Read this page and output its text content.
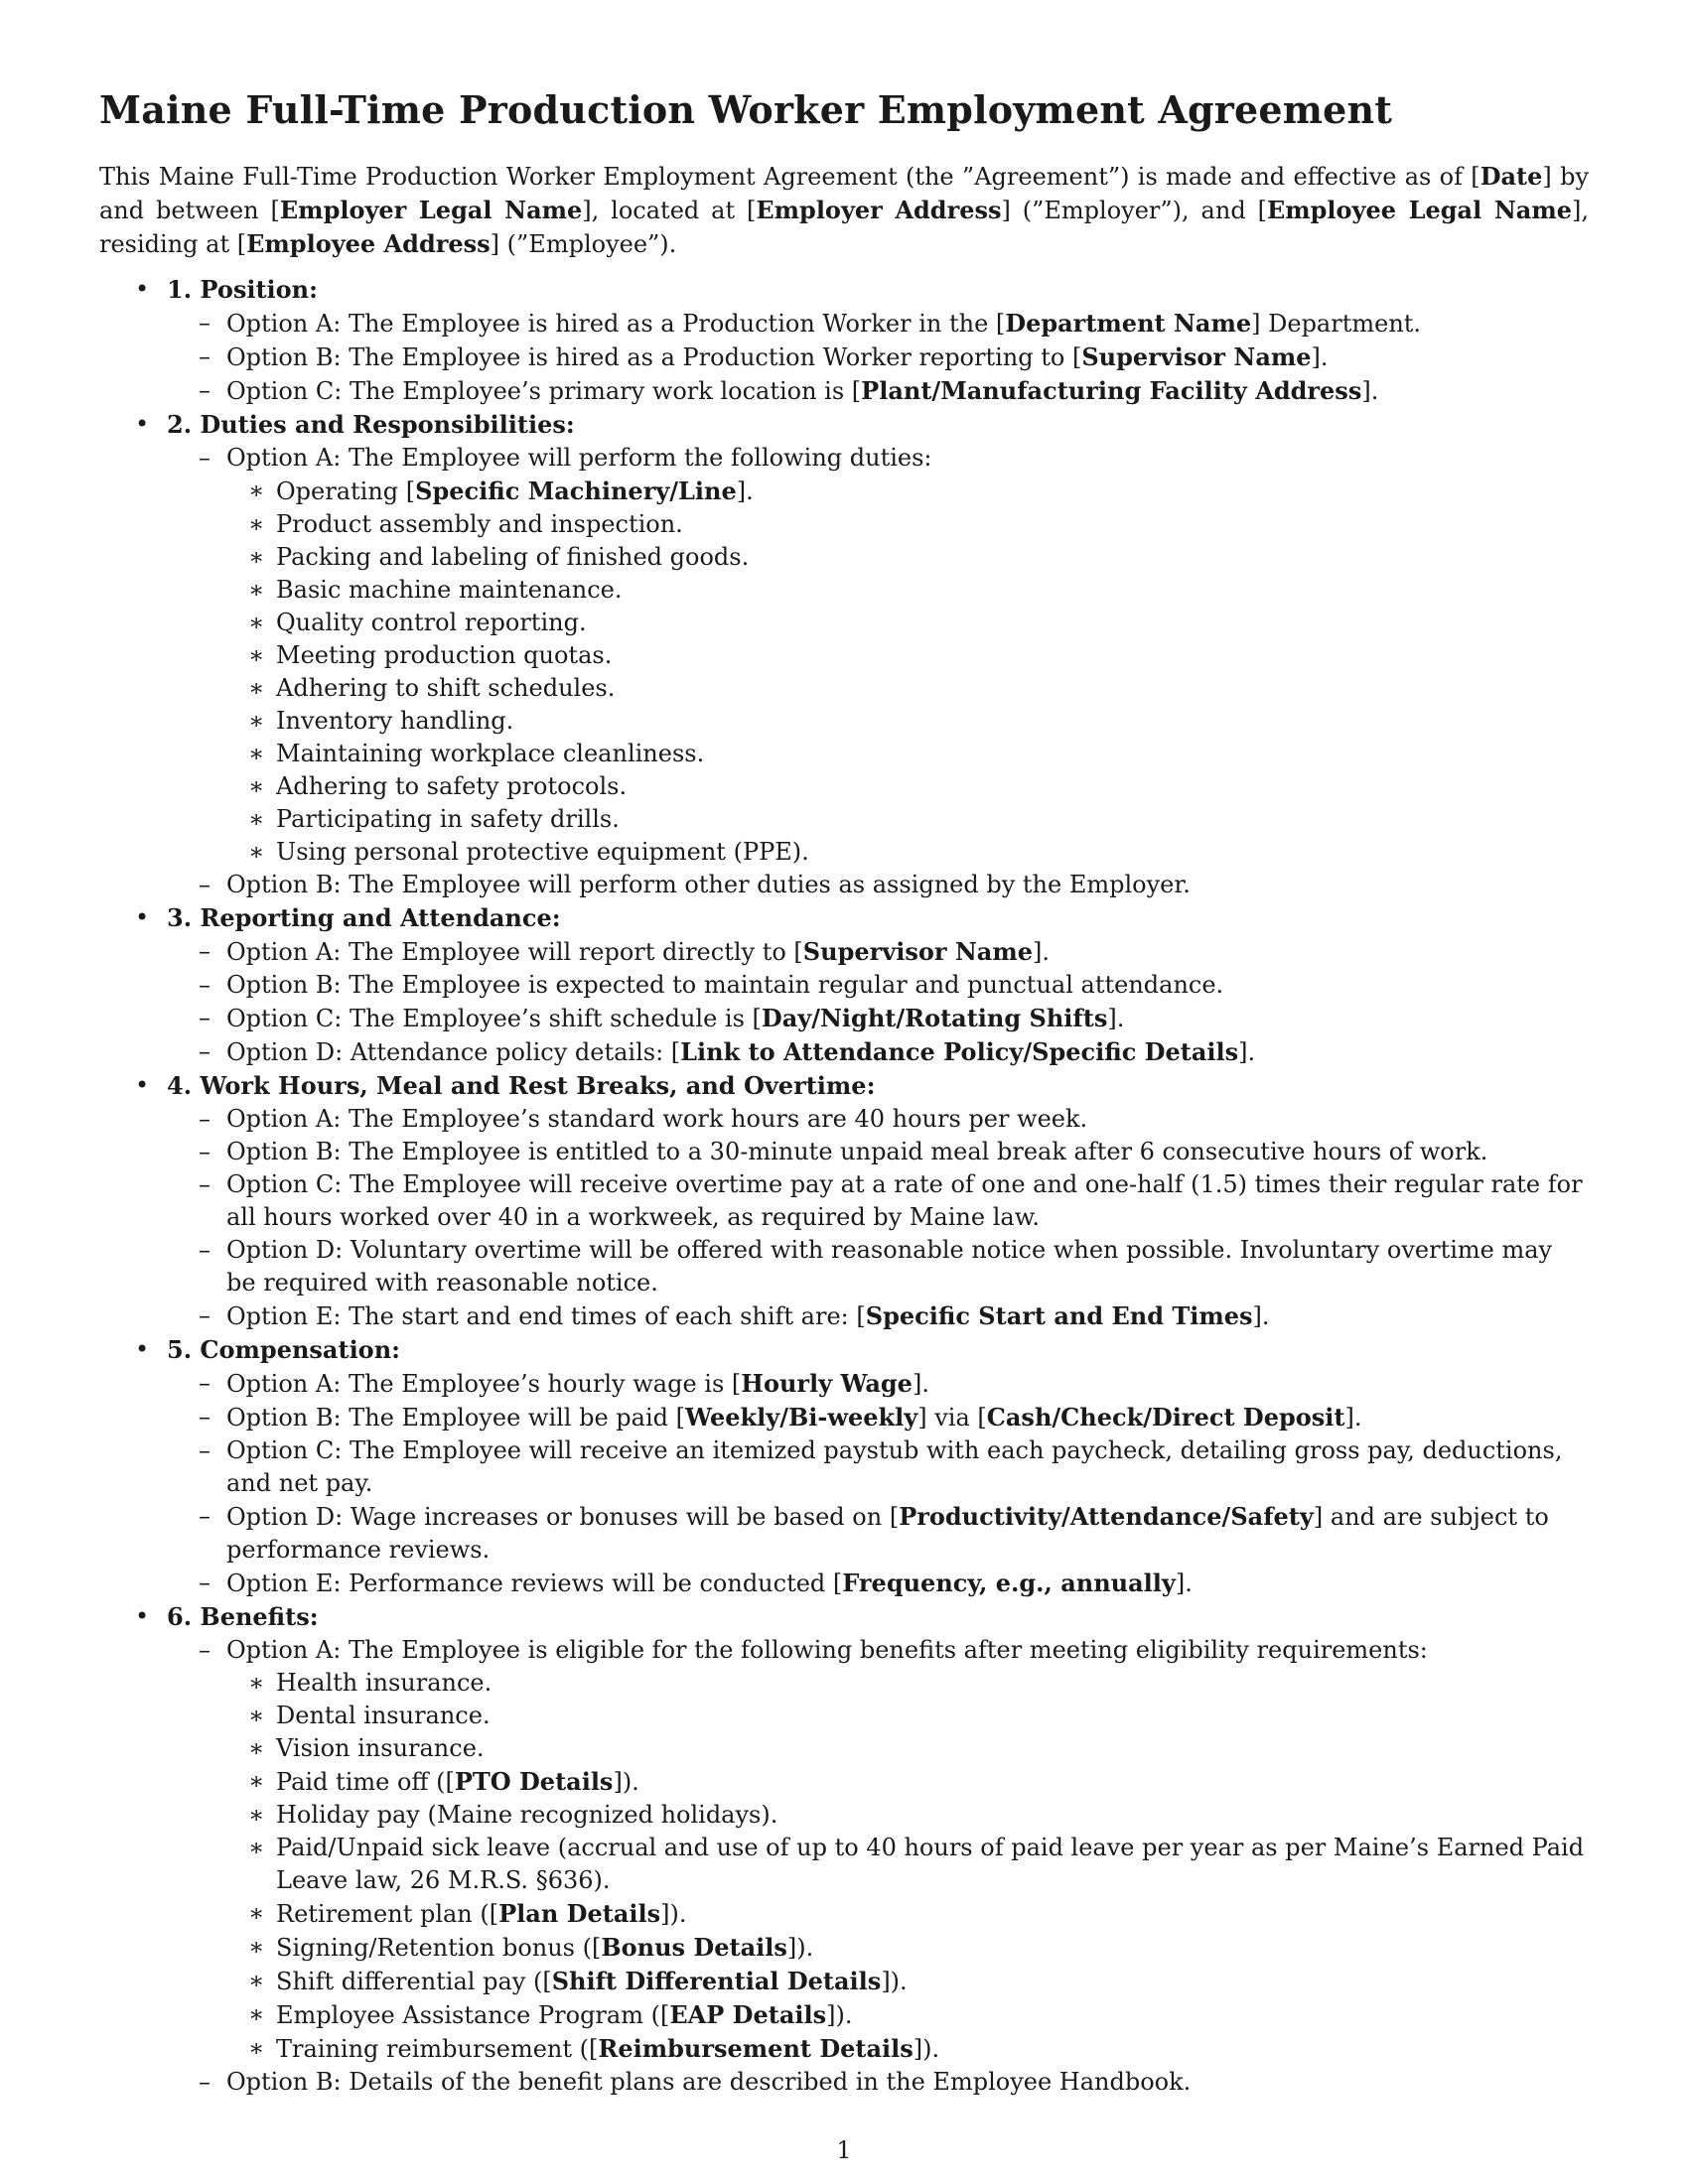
Maine Full-Time Production Worker Employment Agreement

This Maine Full-Time Production Worker Employment Agreement (the ”Agreement”) is made and effective as of [Date] by and between [Employer Legal Name], located at [Employer Address] (”Employer”), and [Employee Legal Name], residing at [Employee Address] (”Employee”).

• 1. Position:
– Option A: The Employee is hired as a Production Worker in the [Department Name] Department.
– Option B: The Employee is hired as a Production Worker reporting to [Supervisor Name].
– Option C: The Employee’s primary work location is [Plant/Manufacturing Facility Address].
• 2. Duties and Responsibilities:
– Option A: The Employee will perform the following duties:
∗ Operating [Specific Machinery/Line].
∗ Product assembly and inspection.
∗ Packing and labeling of finished goods.
∗ Basic machine maintenance.
∗ Quality control reporting.
∗ Meeting production quotas.
∗ Adhering to shift schedules.
∗ Inventory handling.
∗ Maintaining workplace cleanliness.
∗ Adhering to safety protocols.
∗ Participating in safety drills.
∗ Using personal protective equipment (PPE).
– Option B: The Employee will perform other duties as assigned by the Employer.
• 3. Reporting and Attendance:
– Option A: The Employee will report directly to [Supervisor Name].
– Option B: The Employee is expected to maintain regular and punctual attendance.
– Option C: The Employee’s shift schedule is [Day/Night/Rotating Shifts].
– Option D: Attendance policy details: [Link to Attendance Policy/Specific Details].
• 4. Work Hours, Meal and Rest Breaks, and Overtime:
– Option A: The Employee’s standard work hours are 40 hours per week.
– Option B: The Employee is entitled to a 30-minute unpaid meal break after 6 consecutive hours of work.
– Option C: The Employee will receive overtime pay at a rate of one and one-half (1.5) times their regular rate for all hours worked over 40 in a workweek, as required by Maine law.
– Option D: Voluntary overtime will be offered with reasonable notice when possible. Involuntary overtime may be required with reasonable notice.
– Option E: The start and end times of each shift are: [Specific Start and End Times].
• 5. Compensation:
– Option A: The Employee’s hourly wage is [Hourly Wage].
– Option B: The Employee will be paid [Weekly/Bi-weekly] via [Cash/Check/Direct Deposit].
– Option C: The Employee will receive an itemized paystub with each paycheck, detailing gross pay, deductions, and net pay.
– Option D: Wage increases or bonuses will be based on [Productivity/Attendance/Safety] and are subject to performance reviews.
– Option E: Performance reviews will be conducted [Frequency, e.g., annually].
• 6. Benefits:
– Option A: The Employee is eligible for the following benefits after meeting eligibility requirements:
∗ Health insurance.
∗ Dental insurance.
∗ Vision insurance.
∗ Paid time off ([PTO Details]).
∗ Holiday pay (Maine recognized holidays).
∗ Paid/Unpaid sick leave (accrual and use of up to 40 hours of paid leave per year as per Maine’s Earned Paid Leave law, 26 M.R.S. §636).
∗ Retirement plan ([Plan Details]).
∗ Signing/Retention bonus ([Bonus Details]).
∗ Shift differential pay ([Shift Differential Details]).
∗ Employee Assistance Program ([EAP Details]).
∗ Training reimbursement ([Reimbursement Details]).
– Option B: Details of the benefit plans are described in the Employee Handbook.
1
